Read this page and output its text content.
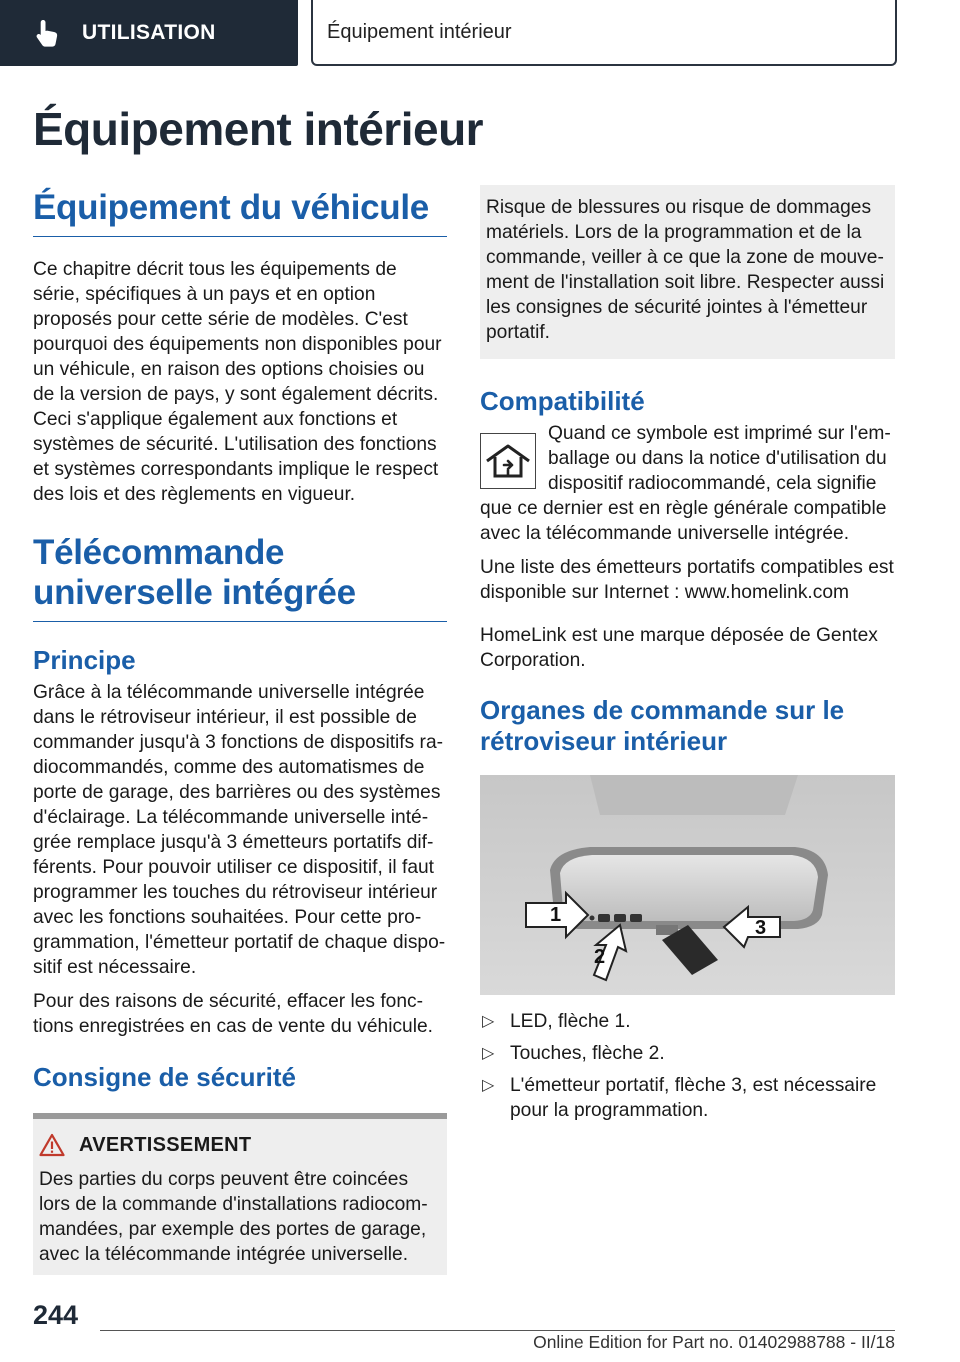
UTILISATION	Équipement intérieur
Équipement intérieur
Équipement du véhicule

Ce chapitre décrit tous les équipements de série, spécifiques à un pays et en option proposés pour cette série de modèles. C'est pourquoi des équipements non disponibles pour un véhicule, en raison des options choisies ou de la version de pays, y sont également décrits. Ceci s'applique également aux fonctions et systèmes de sécurité. L'utilisation des fonctions et systèmes correspondants implique le respect des lois et des règlements en vigueur.

Télécommande universelle intégrée
Principe

Grâce à la télécommande universelle intégrée dans le rétroviseur intérieur, il est possible de commander jusqu'à 3 fonctions de dispositifs radiocommandés, comme des automatismes de porte de garage, des barrières ou des systèmes d'éclairage. La télécommande universelle intégrée remplace jusqu'à 3 émetteurs portatifs différents. Pour pouvoir utiliser ce dispositif, il faut programmer les touches du rétroviseur intérieur avec les fonctions souhaitées. Pour cette programmation, l'émetteur portatif de chaque dispositif est nécessaire.

Pour des raisons de sécurité, effacer les fonctions enregistrées en cas de vente du véhicule.

Consigne de sécurité
AVERTISSEMENT

Des parties du corps peuvent être coincées lors de la commande d'installations radiocommandées, par exemple des portes de garage, avec la télécommande intégrée universelle.

Risque de blessures ou risque de dommages matériels. Lors de la programmation et de la commande, veiller à ce que la zone de mouvement de l'installation soit libre. Respecter aussi les consignes de sécurité jointes à l'émetteur portatif.

Compatibilité

Quand ce symbole est imprimé sur l'emballage ou dans la notice d'utilisation du dispositif radiocommandé, cela signifie

que ce dernier est en règle générale compatible avec la télécommande universelle intégrée.

Une liste des émetteurs portatifs compatibles est disponible sur Internet : www.homelink.com

HomeLink est une marque déposée de Gentex Corporation.

Organes de commande sur le rétroviseur intérieur
1
2
3
▷ LED, flèche 1.
▷ Touches, flèche 2.
▷ L'émetteur portatif, flèche 3, est nécessaire pour la programmation.
244
Online Edition for Part no. 01402988788 - II/18
